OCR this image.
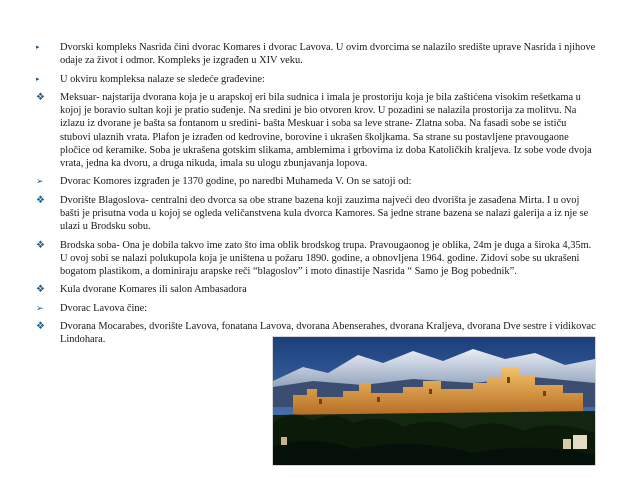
▸	Dvorski kompleks Nasrida čini dvorac Komares i dvorac Lavova. U ovim dvorcima se nalazilo središte uprave Nasrida i njihove odaje za život i odmor. Kompleks je izgrađen u XIV veku.
▸	U okviru kompleksa nalaze se sledeće građevine:
❖	Meksuar- najstarija dvorana koja je u arapskoj eri bila sudnica i imala je prostoriju koja je bila zaštićena visokim rešetkama u kojoj je boravio sultan koji je pratio suđenje. Na sredini je bio otvoren krov. U pozadini se nalazila prostorija za molitvu. Na izlazu iz dvorane je bašta sa fontanom u sredini- bašta Meskuar i soba sa leve strane- Zlatna soba. Na fasadi sobe se ističu stubovi ulaznih vrata. Plafon je izrađen od kedrovine, borovine i ukrašen školjkama. Sa strane su postavljene pravougaone pločice od keramike. Soba je ukrašena gotskim slikama, amblemima i grbovima iz doba Katoličkih kraljeva. Iz sobe vode dvoja vrata, jedna ka dvoru, a druga nikuda, imala su ulogu zbunjavanja lopova.
➢	Dvorac Komores izgrađen je 1370 godine, po naredbi Muhameda V. On se satoji od:
❖	Dvorište Blagoslova- centralni deo dvorca sa obe strane bazena koji zauzima najveći deo dvorišta je zasađena Mirta. I u ovoj bašti je prisutna voda u kojoj se ogleda veličanstvena kula dvorca Kamores. Sa jedne strane bazena se nalazi galerija a iz nje se ulazi u Brodsku sobu.
❖	Brodska soba- Ona je dobila takvo ime zato što ima oblik brodskog trupa. Pravougaonog je oblika, 24m je duga a široka 4,35m. U ovoj sobi se nalazi polukupola koja je uništena u požaru 1890. godine, a obnovljena 1964. godine. Zidovi sobe su ukrašeni bogatom plastikom, a dominiraju arapske reči “blagoslov” i moto dinastije Nasrida “ Samo je Bog pobednik”.
❖	Kula dvorane Komares ili salon Ambasadora
➢	Dvorac Lavova čine:
❖	Dvorana Mocarabes, dvorište Lavova, fonatana Lavova, dvorana Abenserahes, dvorana Kraljeva, dvorana Dve sestre i vidikovac Lindohara.
